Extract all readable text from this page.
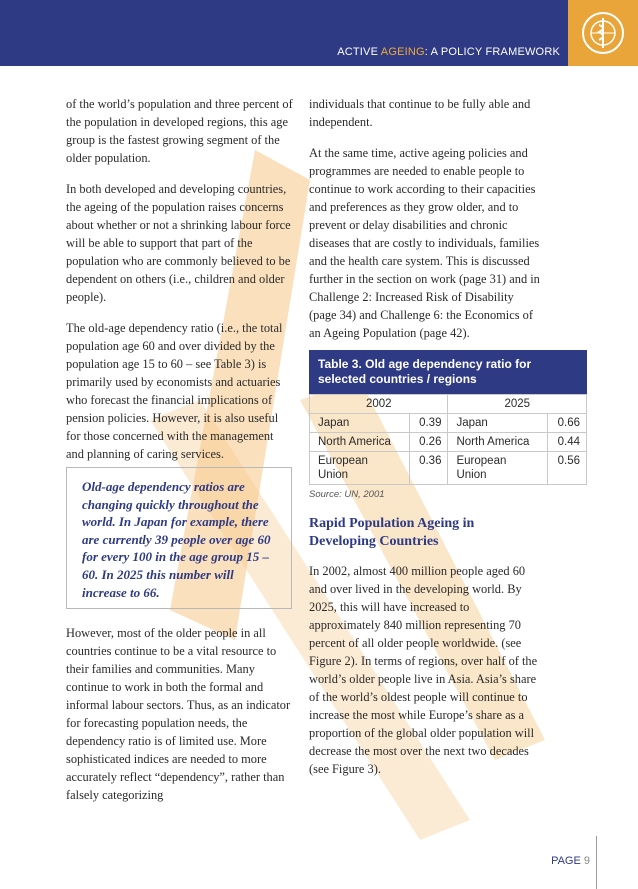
ACTIVE AGEING: A POLICY FRAMEWORK

of the world’s population and three percent of the population in developed regions, this age group is the fastest growing segment of the older population.

In both developed and developing countries, the ageing of the population raises concerns about whether or not a shrinking labour force will be able to support that part of the population who are commonly believed to be dependent on others (i.e., children and older people).

The old-age dependency ratio (i.e., the total population age 60 and over divided by the population age 15 to 60 – see Table 3) is primarily used by economists and actuaries who forecast the financial implications of pension policies. However, it is also useful for those concerned with the management and planning of caring services.

Old-age dependency ratios are changing quickly throughout the world. In Japan for example, there are currently 39 people over age 60 for every 100 in the age group 15 – 60. In 2025 this number will increase to 66.

However, most of the older people in all countries continue to be a vital resource to their families and communities. Many continue to work in both the formal and informal labour sectors. Thus, as an indicator for forecasting population needs, the dependency ratio is of limited use. More sophisticated indices are needed to more accurately reflect “dependency”, rather than falsely categorizing

individuals that continue to be fully able and independent.

At the same time, active ageing policies and programmes are needed to enable people to continue to work according to their capacities and preferences as they grow older, and to prevent or delay disabilities and chronic diseases that are costly to individuals, families and the health care system. This is discussed further in the section on work (page 31) and in Challenge 2: Increased Risk of Disability (page 34) and Challenge 6: the Economics of an Ageing Population (page 42).

Table 3. Old age dependency ratio for selected countries / regions
2002		2025	
Japan	0.39	Japan	0.66
North America	0.26	North America	0.44
European Union	0.36	European Union	0.56
Source: UN, 2001
Rapid Population Ageing in Developing Countries

In 2002, almost 400 million people aged 60 and over lived in the developing world. By 2025, this will have increased to approximately 840 million representing 70 percent of all older people worldwide. (see Figure 2). In terms of regions, over half of the world’s older people live in Asia. Asia’s share of the world’s oldest people will continue to increase the most while Europe’s share as a proportion of the global older population will decrease the most over the next two decades (see Figure 3).

PAGE 9
